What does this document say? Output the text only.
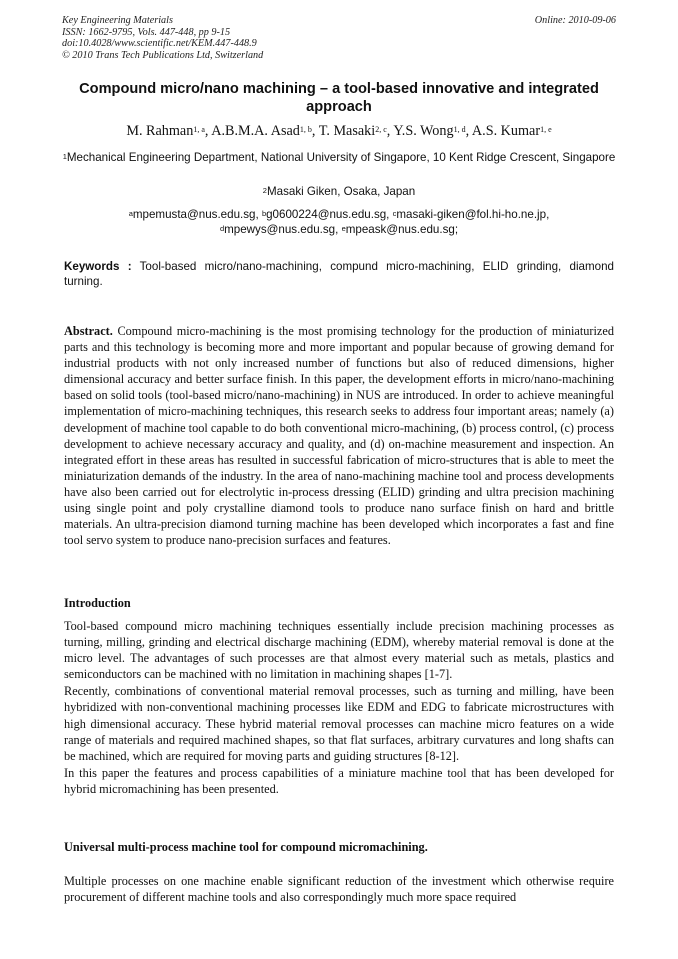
Key Engineering Materials	Online: 2010-09-06
ISSN: 1662-9795, Vols. 447-448, pp 9-15
doi:10.4028/www.scientific.net/KEM.447-448.9
© 2010 Trans Tech Publications Ltd, Switzerland
Compound micro/nano machining – a tool-based innovative and integrated approach
M. Rahman$^{1, a}$, A.B.M.A. Asad$^{1, b}$, T. Masaki$^{2, c}$, Y.S. Wong$^{1, d}$, A.S. Kumar$^{1, e}$
$^1$Mechanical Engineering Department, National University of Singapore, 10 Kent Ridge Crescent, Singapore
$^2$Masaki Giken, Osaka, Japan
$^a$mpemusta@nus.edu.sg, $^b$g0600224@nus.edu.sg, $^c$masaki-giken@fol.hi-ho.ne.jp,
$^d$mpewys@nus.edu.sg, $^e$mpeask@nus.edu.sg;
Keywords : Tool-based micro/nano-machining, compund micro-machining, ELID grinding, diamond turning.

Abstract. Compound micro-machining is the most promising technology for the production of miniaturized parts and this technology is becoming more and more important and popular because of growing demand for industrial products with not only increased number of functions but also of reduced dimensions, higher dimensional accuracy and better surface finish. In this paper, the development efforts in micro/nano-machining based on solid tools (tool-based micro/nano-machining) in NUS are introduced. In order to achieve meaningful implementation of micro-machining techniques, this research seeks to address four important areas; namely (a) development of machine tool capable to do both conventional micro-machining, (b) process control, (c) process development to achieve necessary accuracy and quality, and (d) on-machine measurement and inspection. An integrated effort in these areas has resulted in successful fabrication of micro-structures that is able to meet the miniaturization demands of the industry. In the area of nano-machining machine tool and process developments have also been carried out for electrolytic in-process dressing (ELID) grinding and ultra precision machining using single point and poly crystalline diamond tools to produce nano surface finish on hard and brittle materials. An ultra-precision diamond turning machine has been developed which incorporates a fast and fine tool servo system to produce nano-precision surfaces and features.

Introduction

Tool-based compound micro machining techniques essentially include precision machining processes as turning, milling, grinding and electrical discharge machining (EDM), whereby material removal is done at the micro level. The advantages of such processes are that almost every material such as metals, plastics and semiconductors can be machined with no limitation in machining shapes [1-7].

Recently, combinations of conventional material removal processes, such as turning and milling, have been hybridized with non-conventional machining processes like EDM and EDG to fabricate microstructures with high dimensional accuracy. These hybrid material removal processes can machine micro features on a wide range of materials and required machined shapes, so that flat surfaces, arbitrary curvatures and long shafts can be machined, which are required for moving parts and guiding structures [8-12].

In this paper the features and process capabilities of a miniature machine tool that has been developed for hybrid micromachining has been presented.

Universal multi-process machine tool for compound micromachining.

Multiple processes on one machine enable significant reduction of the investment which otherwise require procurement of different machine tools and also correspondingly much more space required
